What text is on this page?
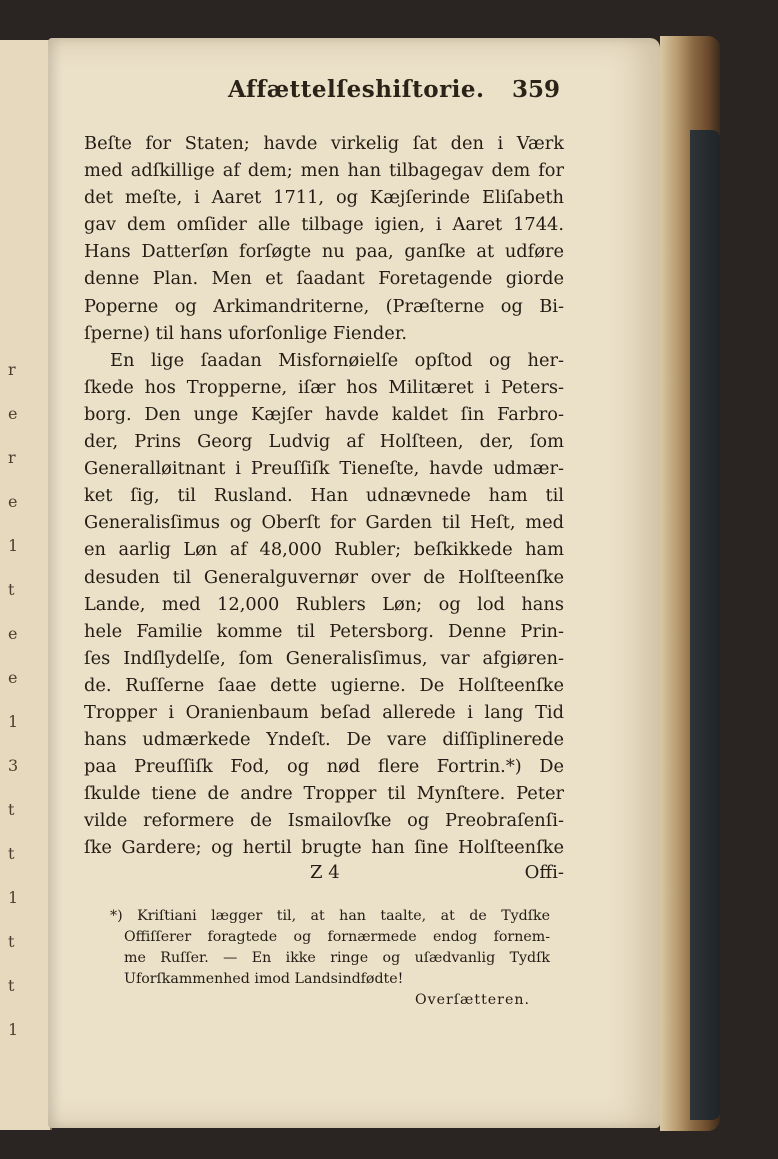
r
e
r
e
1
t
e
e
1
3
t
t
1
t
t
1
Affættelſeshiſtorie. 359
Beſte for Staten; havde virkelig ſat den i Værk
med adſkillige af dem; men han tilbagegav dem for
det meſte, i Aaret 1711, og Kæjſerinde Eliſabeth
gav dem omſider alle tilbage igien, i Aaret 1744.
Hans Datterſøn forſøgte nu paa, ganſke at udføre
denne Plan. Men et ſaadant Foretagende giorde
Poperne og Arkimandriterne, (Præſterne og Bi-
ſperne) til hans uforſonlige Fiender.
En lige ſaadan Misfornøielſe opſtod og her-
ſkede hos Tropperne, iſær hos Militæret i Peters-
borg. Den unge Kæjſer havde kaldet ſin Farbro-
der, Prins Georg Ludvig af Holſteen, der, ſom
Generalløitnant i Preuſſiſk Tieneſte, havde udmær-
ket ſig, til Rusland. Han udnævnede ham til
Generalisſimus og Oberſt for Garden til Heſt, med
en aarlig Løn af 48,000 Rubler; beſkikkede ham
desuden til Generalguvernør over de Holſteenſke
Lande, med 12,000 Rublers Løn; og lod hans
hele Familie komme til Petersborg. Denne Prin-
ſes Indſlydelſe, ſom Generalisſimus, var afgiøren-
de. Ruſſerne ſaae dette ugierne. De Holſteenſke
Tropper i Oranienbaum beſad allerede i lang Tid
hans udmærkede Yndeſt. De vare diſſiplinerede
paa Preuſſiſk Fod, og nød flere Fortrin.*) De
ſkulde tiene de andre Tropper til Mynſtere. Peter
vilde reformere de Ismailovſke og Preobraſenſi-
ſke Gardere; og hertil brugte han ſine Holſteenſke
Z 4	Offi-
*) Kriſtiani lægger til, at han taalte, at de Tydſke
Offiſſerer foragtede og fornærmede endog fornem-
me Ruſſer. — En ikke ringe og uſædvanlig Tydſk
Uforſkammenhed imod Landsindfødte!
Overſætteren.
